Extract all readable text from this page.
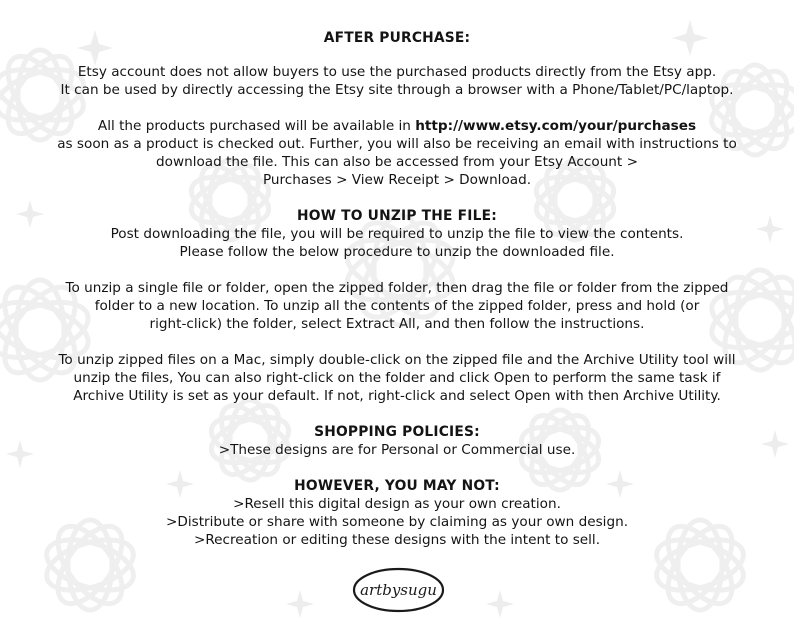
AFTER PURCHASE:
Etsy account does not allow buyers to use the purchased products directly from the Etsy app.
It can be used by directly accessing the Etsy site through a browser with a Phone/Tablet/PC/laptop.
All the products purchased will be available in http://www.etsy.com/your/purchases
as soon as a product is checked out. Further, you will also be receiving an email with instructions to
download the file. This can also be accessed from your Etsy Account >
Purchases > View Receipt > Download.
HOW TO UNZIP THE FILE:
Post downloading the file, you will be required to unzip the file to view the contents.
Please follow the below procedure to unzip the downloaded file.
To unzip a single file or folder, open the zipped folder, then drag the file or folder from the zipped
folder to a new location. To unzip all the contents of the zipped folder, press and hold (or
right-click) the folder, select Extract All, and then follow the instructions.
To unzip zipped files on a Mac, simply double-click on the zipped file and the Archive Utility tool will
unzip the files, You can also right-click on the folder and click Open to perform the same task if
Archive Utility is set as your default. If not, right-click and select Open with then Archive Utility.
SHOPPING POLICIES:
>These designs are for Personal or Commercial use.
HOWEVER, YOU MAY NOT:
>Resell this digital design as your own creation.
>Distribute or share with someone by claiming as your own design.
>Recreation or editing these designs with the intent to sell.
artbysugu
